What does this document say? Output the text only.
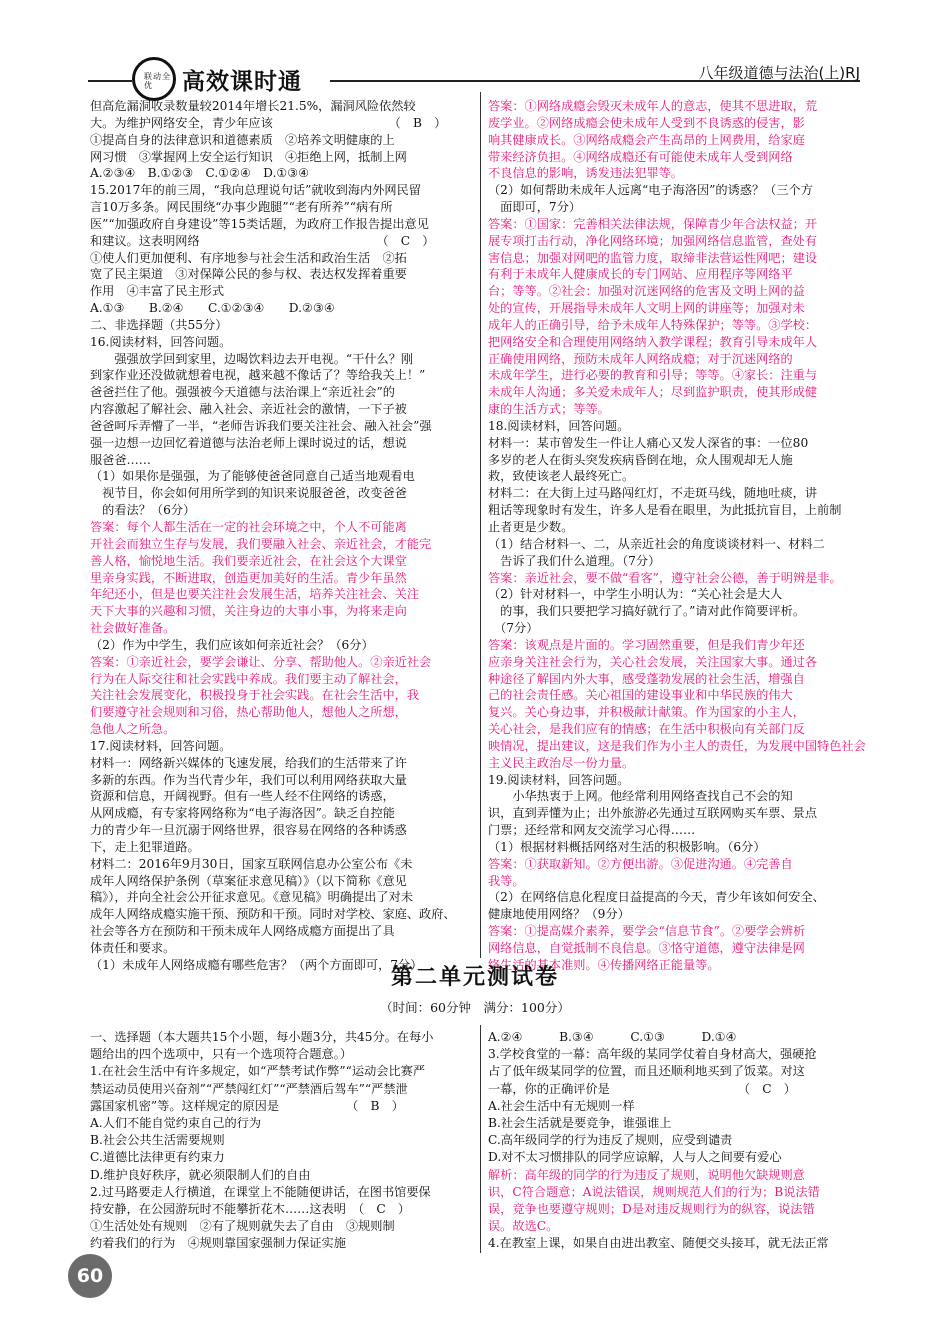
联动全优	高效课时通	八年级道德与法治(上)RJ
但高危漏洞收录数量较2014年增长21.5%，漏洞风险依然较
大。为维护网络安全，青少年应该　　　　　　　　　　（　B　）
①提高自身的法律意识和道德素质　②培养文明健康的上
网习惯　③掌握网上安全运行知识　④拒绝上网，抵制上网
A.②③④　B.①②③　C.①②④　D.①③④
15.2017年的前三周，“我向总理说句话”就收到海内外网民留
言10万多条。网民围绕“办事少跑腿”“老有所养”“病有所
医”“加强政府自身建设”等15类话题，为政府工作报告提出意见
和建议。这表明网络　　　　　　　　　　　　　　　（　C　）
①使人们更加便利、有序地参与社会生活和政治生活　②拓
宽了民主渠道　③对保障公民的参与权、表达权发挥着重要
作用　④丰富了民主形式
A.①③　　B.②④　　C.①②③④　　D.②③④
二、非选择题（共55分）
16.阅读材料，回答问题。
　　强强放学回到家里，边喝饮料边去开电视。“干什么？刚
到家作业还没做就想着电视，越来越不像话了？等给我关上！”
爸爸拦住了他。强强被今天道德与法治课上“亲近社会”的
内容激起了解社会、融入社会、亲近社会的激情，一下子被
爸爸呵斥弄懵了一半，“老师告诉我们要关注社会、融入社会”强
强一边想一边回忆着道德与法治老师上课时说过的话，想说
服爸爸……
（1）如果你是强强，为了能够使爸爸同意自己适当地观看电
　视节目，你会如何用所学到的知识来说服爸爸，改变爸爸
　的看法？（6分）
答案：每个人都生活在一定的社会环境之中，个人不可能离
开社会而独立生存与发展，我们要融入社会、亲近社会，才能完
善人格，愉悦地生活。我们要亲近社会，在社会这个大课堂
里亲身实践，不断进取，创造更加美好的生活。青少年虽然
年纪还小，但是也要关注社会发展生活，培养关注社会、关注
天下大事的兴趣和习惯，关注身边的大事小事，为将来走向
社会做好准备。
（2）作为中学生，我们应该如何亲近社会？（6分）
答案：①亲近社会，要学会谦让、分享、帮助他人。②亲近社会
行为在人际交往和社会实践中养成。我们要主动了解社会，
关注社会发展变化，积极投身于社会实践。在社会生活中，我
们要遵守社会规则和习俗，热心帮助他人，想他人之所想，
急他人之所急。
17.阅读材料，回答问题。
材料一：网络新兴媒体的飞速发展，给我们的生活带来了许
多新的东西。作为当代青少年，我们可以利用网络获取大量
资源和信息，开阔视野。但有一些人经不住网络的诱惑，
从网成瘾，有专家将网络称为“电子海洛因”。缺乏自控能
力的青少年一旦沉溺于网络世界，很容易在网络的各种诱惑
下，走上犯罪道路。
材料二：2016年9月30日，国家互联网信息办公室公布《未
成年人网络保护条例（草案征求意见稿）》（以下简称《意见
稿》），并向全社会公开征求意见。《意见稿》明确提出了对未
成年人网络成瘾实施干预、预防和干预。同时对学校、家庭、政府、
社会等各方在预防和干预未成年人网络成瘾方面提出了具
体责任和要求。
（1）未成年人网络成瘾有哪些危害？（两个方面即可，7分）
答案：①网络成瘾会毁灭未成年人的意志，使其不思进取，荒
废学业。②网络成瘾会使未成年人受到不良诱惑的侵害，影
响其健康成长。③网络成瘾会产生高昂的上网费用，给家庭
带来经济负担。④网络成瘾还有可能使未成年人受到网络
不良信息的影响，诱发违法犯罪等。
（2）如何帮助未成年人远离“电子海洛因”的诱惑？（三个方
　面即可，7分）
答案：①国家：完善相关法律法规，保障青少年合法权益；开
展专项打击行动，净化网络环境；加强网络信息监管，查处有
害信息；加强对网吧的监管力度，取缔非法营运性网吧；建设
有利于未成年人健康成长的专门网站、应用程序等网络平
台；等等。②社会：加强对沉迷网络的危害及文明上网的益
处的宣传，开展指导未成年人文明上网的讲座等；加强对未
成年人的正确引导，给予未成年人特殊保护；等等。③学校：
把网络安全和合理使用网络纳入教学课程；教育引导未成年人
正确使用网络，预防未成年人网络成瘾；对于沉迷网络的
未成年学生，进行必要的教育和引导；等等。④家长：注重与
未成年人沟通；多关爱未成年人；尽到监护职责，使其形成健
康的生活方式；等等。
18.阅读材料，回答问题。
材料一：某市曾发生一件让人痛心又发人深省的事：一位80
多岁的老人在街头突发疾病昏倒在地，众人围观却无人施
救，致使该老人最终死亡。
材料二：在大街上过马路闯红灯，不走斑马线，随地吐痰，讲
粗话等现象时有发生，许多人是看在眼里，为此抵抗盲目，上前制
止者更是少数。
（1）结合材料一、二，从亲近社会的角度谈谈材料一、材料二
　告诉了我们什么道理。（7分）
答案：亲近社会，要不做“看客”，遵守社会公德，善于明辨是非。
（2）针对材料一，中学生小明认为：“关心社会是大人
　的事，我们只要把学习搞好就行了。”请对此作简要评析。
　（7分）
答案：该观点是片面的。学习固然重要，但是我们青少年还
应亲身关注社会行为，关心社会发展，关注国家大事。通过各
种途径了解国内外大事，感受蓬勃发展的社会生活，增强自
己的社会责任感。关心祖国的建设事业和中华民族的伟大
复兴。关心身边事，并积极献计献策。作为国家的小主人，
关心社会，是我们应有的情感；在生活中积极向有关部门反
映情况，提出建议，这是我们作为小主人的责任，为发展中国特色社会
主义民主政治尽一份力量。
19.阅读材料，回答问题。
　　小华热衷于上网。他经常利用网络查找自己不会的知
识，直到弄懂为止；出外旅游必先通过互联网购买车票、景点
门票；还经常和网友交流学习心得……
（1）根据材料概括网络对生活的积极影响。（6分）
答案：①获取新知。②方便出游。③促进沟通。④完善自
我等。
（2）在网络信息化程度日益提高的今天，青少年该如何安全、
健康地使用网络？（9分）
答案：①提高媒介素养，要学会“信息节食”。②要学会辨析
网络信息，自觉抵制不良信息。③恪守道德，遵守法律是网
络生活的基本准则。④传播网络正能量等。
第二单元测试卷
（时间：60分钟　满分：100分）
一、选择题（本大题共15个小题，每小题3分，共45分。在每小
题给出的四个选项中，只有一个选项符合题意。）
1.在社会生活中有许多规定，如“严禁考试作弊”“运动会比赛严
禁运动员使用兴奋剂”“严禁闯红灯”“严禁酒后驾车”“严禁泄
露国家机密”等。这样规定的原因是　　　　　　（　B　）
A.人们不能自觉约束自己的行为
B.社会公共生活需要规则
C.道德比法律更有约束力
D.维护良好秩序，就必须限制人们的自由
2.过马路要走人行横道，在课堂上不能随便讲话，在图书馆要保
持安静，在公园游玩时不能攀折花木……这表明　（　C　）
①生活处处有规则　②有了规则就失去了自由　③规则制
约着我们的行为　④规则靠国家强制力保证实施
A.②④　　　B.③④　　　C.①③　　　D.①④
3.学校食堂的一幕：高年级的某同学仗着自身材高大，强硬抢
占了低年级某同学的位置，而且还顺利地买到了饭菜。对这
一幕，你的正确评价是　　　　　　　　　　　（　C　）
A.社会生活中有无规则一样
B.社会生活就是要竞争，谁强谁上
C.高年级同学的行为违反了规则，应受到谴责
D.对不太习惯排队的同学应谅解，人与人之间要有爱心
解析：高年级的同学的行为违反了规则，说明他欠缺规则意
识，C符合题意；A说法错误，规则规范人们的行为；B说法错
误，竞争也要遵守规则；D是对违反规则行为的纵容，说法错
误。故选C。
4.在教室上课，如果自由进出教室、随便交头接耳，就无法正常
60
